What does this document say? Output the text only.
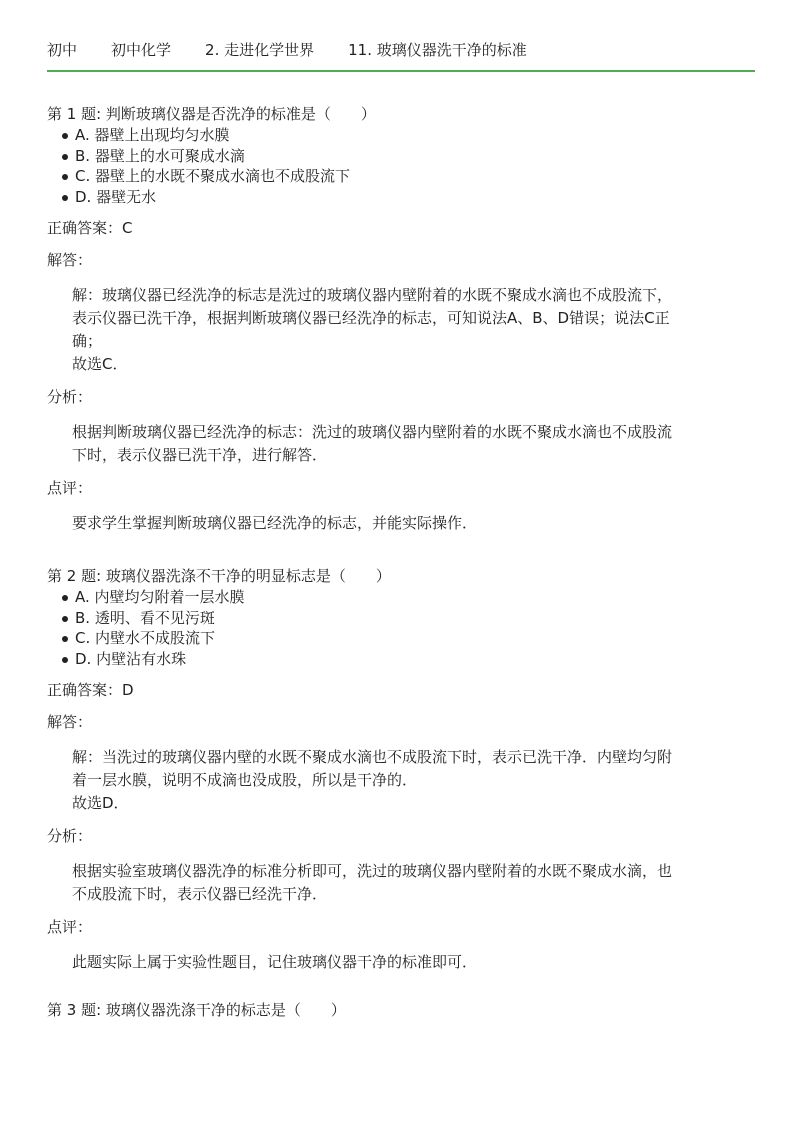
初中 初中化学 2. 走进化学世界 11. 玻璃仪器洗干净的标准

第 1 题: 判断玻璃仪器是否洗净的标准是（　　）

A. 器壁上出现均匀水膜
B. 器壁上的水可聚成水滴
C. 器壁上的水既不聚成水滴也不成股流下
D. 器壁无水

正确答案：C

解答：

解：玻璃仪器已经洗净的标志是洗过的玻璃仪器内壁附着的水既不聚成水滴也不成股流下，

表示仪器已洗干净，根据判断玻璃仪器已经洗净的标志，可知说法A、B、D错误；说法C正

确；

故选C．

分析：

根据判断玻璃仪器已经洗净的标志：洗过的玻璃仪器内壁附着的水既不聚成水滴也不成股流

下时，表示仪器已洗干净，进行解答．

点评：

要求学生掌握判断玻璃仪器已经洗净的标志，并能实际操作．

第 2 题: 玻璃仪器洗涤不干净的明显标志是（　　）

A. 内壁均匀附着一层水膜
B. 透明、看不见污斑
C. 内壁水不成股流下
D. 内壁沾有水珠

正确答案：D

解答：

解：当洗过的玻璃仪器内壁的水既不聚成水滴也不成股流下时，表示已洗干净．内壁均匀附

着一层水膜，说明不成滴也没成股，所以是干净的．

故选D．

分析：

根据实验室玻璃仪器洗净的标准分析即可，洗过的玻璃仪器内壁附着的水既不聚成水滴，也

不成股流下时，表示仪器已经洗干净．

点评：

此题实际上属于实验性题目，记住玻璃仪器干净的标准即可．

第 3 题: 玻璃仪器洗涤干净的标志是（　　）
